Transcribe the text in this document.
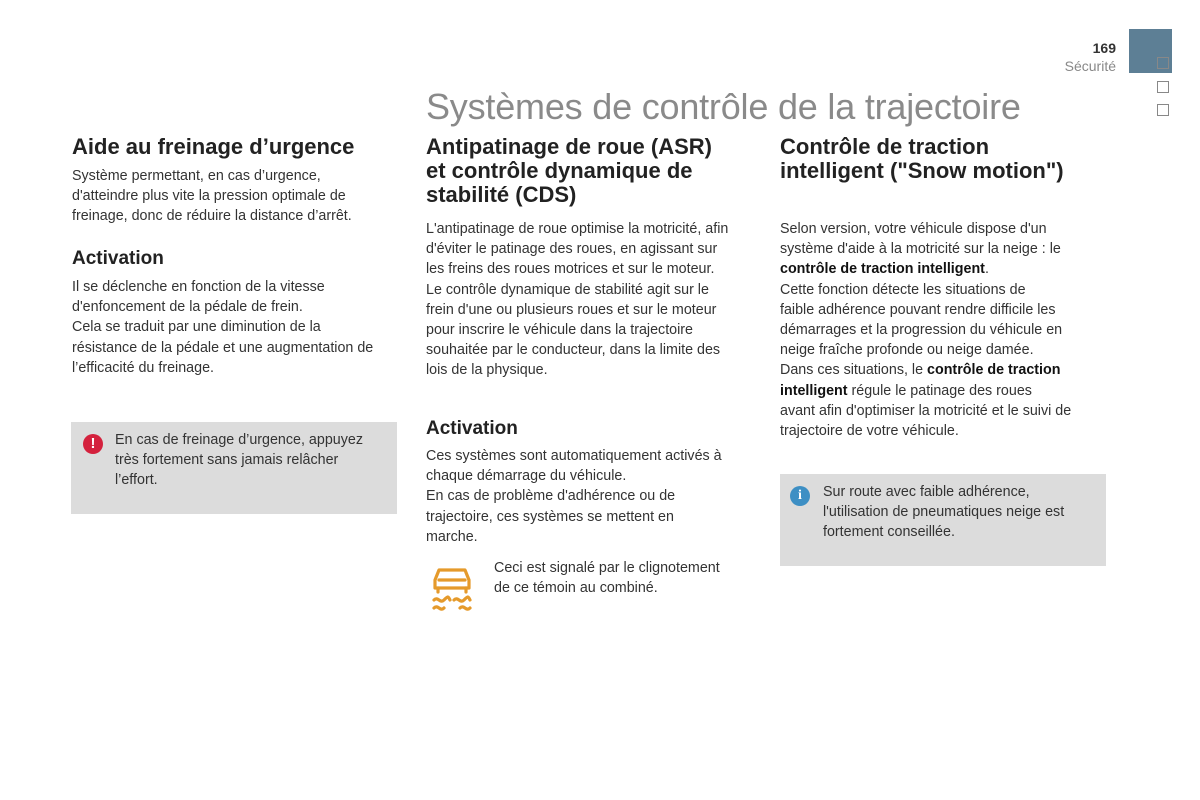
169
Sécurité
Systèmes de contrôle de la trajectoire
Aide au freinage d’urgence
Système permettant, en cas d’urgence,
d'atteindre plus vite la pression optimale de
freinage, donc de réduire la distance d’arrêt.
Activation
Il se déclenche en fonction de la vitesse
d'enfoncement de la pédale de frein.
Cela se traduit par une diminution de la
résistance de la pédale et une augmentation de
l’efficacité du freinage.
!	En cas de freinage d’urgence, appuyez
très fortement sans jamais relâcher
l’effort.
Antipatinage de roue (ASR)
et contrôle dynamique de
stabilité (CDS)
L'antipatinage de roue optimise la motricité, afin
d'éviter le patinage des roues, en agissant sur
les freins des roues motrices et sur le moteur.
Le contrôle dynamique de stabilité agit sur le
frein d'une ou plusieurs roues et sur le moteur
pour inscrire le véhicule dans la trajectoire
souhaitée par le conducteur, dans la limite des
lois de la physique.
Activation
Ces systèmes sont automatiquement activés à
chaque démarrage du véhicule.
En cas de problème d'adhérence ou de
trajectoire, ces systèmes se mettent en
marche.
Ceci est signalé par le clignotement
de ce témoin au combiné.
Contrôle de traction
intelligent ("Snow motion")
Selon version, votre véhicule dispose d'un
système d'aide à la motricité sur la neige : le
contrôle de traction intelligent.
Cette fonction détecte les situations de
faible adhérence pouvant rendre difficile les
démarrages et la progression du véhicule en
neige fraîche profonde ou neige damée.
Dans ces situations, le contrôle de traction
intelligent régule le patinage des roues
avant afin d'optimiser la motricité et le suivi de
trajectoire de votre véhicule.
i	Sur route avec faible adhérence,
l'utilisation de pneumatiques neige est
fortement conseillée.
